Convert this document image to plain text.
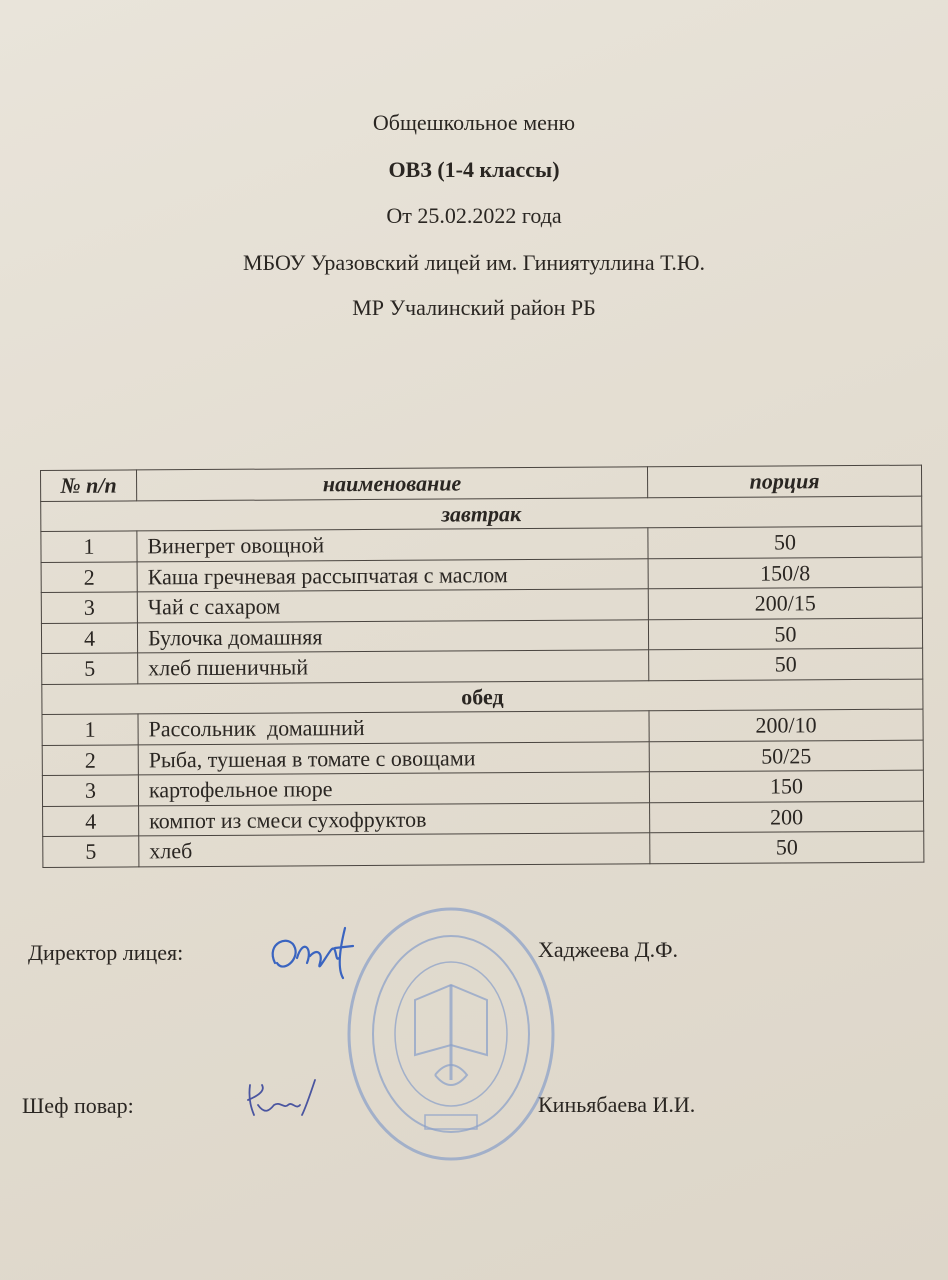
Общешкольное меню
ОВЗ (1-4 классы)
От 25.02.2022 года
МБОУ Уразовский лицей им. Гиниятуллина Т.Ю.
МР Учалинский район РБ
№ п/п	наименование	порция
завтрак		
1	Винегрет овощной	50
2	Каша гречневая рассыпчатая с маслом	150/8
3	Чай с сахаром	200/15
4	Булочка домашняя	50
5	хлеб пшеничный	50
обед		
1	Рассольник  домашний	200/10
2	Рыба, тушеная в томате с овощами	50/25
3	картофельное пюре	150
4	компот из смеси сухофруктов	200
5	хлеб	50
Директор лицея:	Хаджеева Д.Ф.
Шеф повар:	Киньябаева И.И.
